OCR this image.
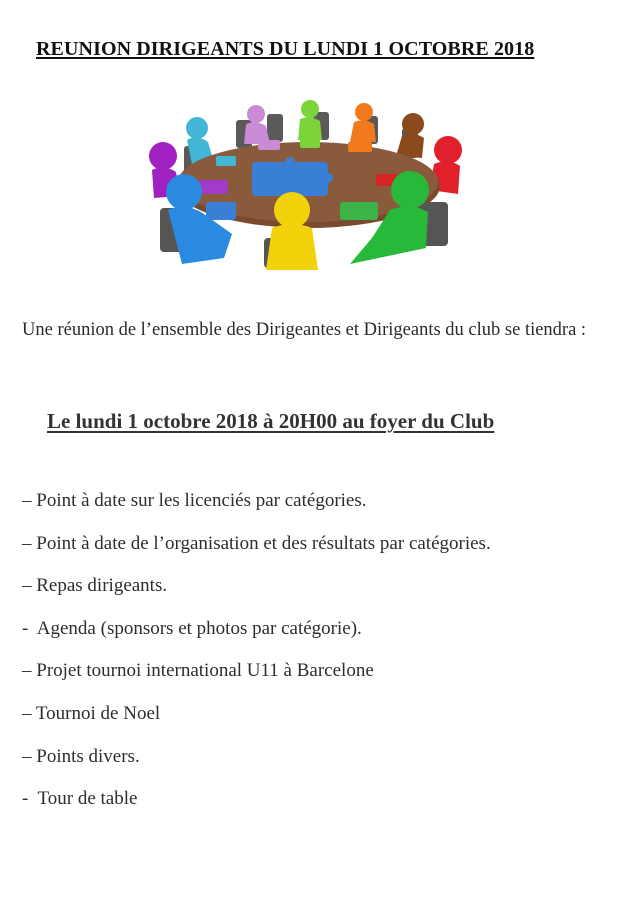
REUNION DIRIGEANTS DU LUNDI 1 OCTOBRE 2018

Une réunion de l’ensemble des Dirigeantes et Dirigeants du club se tiendra :

Le lundi 1 octobre 2018 à 20H00 au foyer du Club

– Point à date sur les licenciés par catégories.
– Point à date de l’organisation et des résultats par catégories.
– Repas dirigeants.
-  Agenda (sponsors et photos par catégorie).
– Projet tournoi international U11 à Barcelone
– Tournoi de Noel
– Points divers.
-  Tour de table
